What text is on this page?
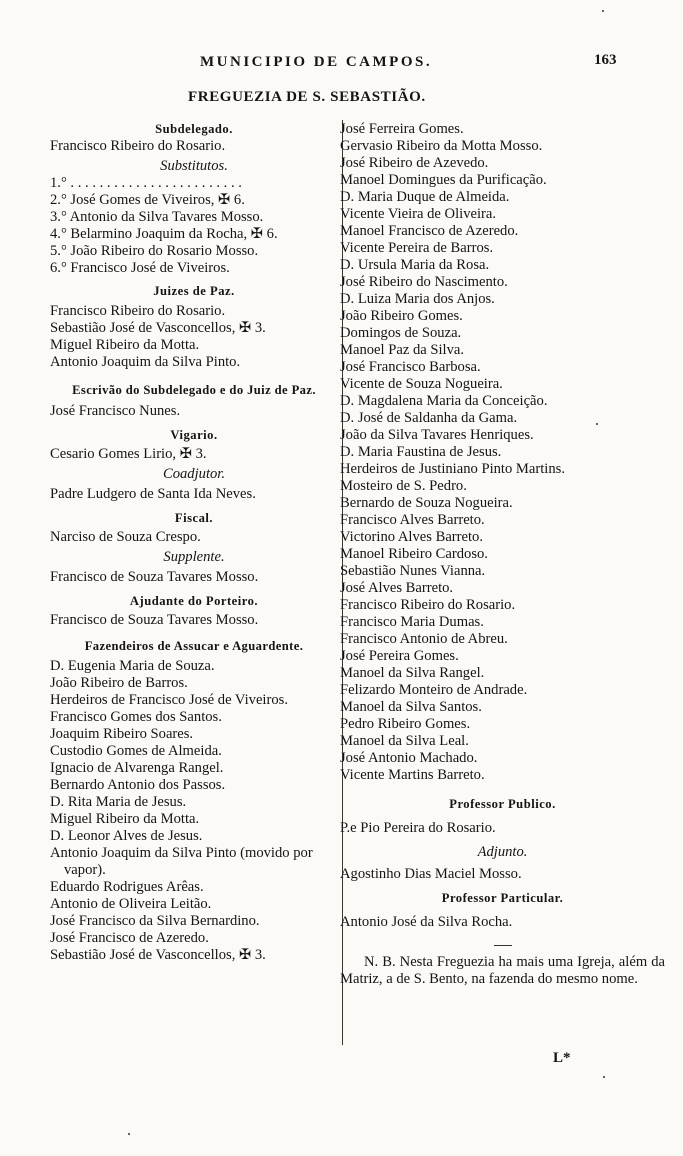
MUNICIPIO DE CAMPOS.	163
FREGUEZIA DE S. SEBASTIÃO.
Subdelegado.
Francisco Ribeiro do Rosario.
Substitutos.
1.° . . . . . . . . . . . . . . . . . . . . . . . .
2.° José Gomes de Viveiros, ✠ 6.
3.° Antonio da Silva Tavares Mosso.
4.° Belarmino Joaquim da Rocha, ✠ 6.
5.° João Ribeiro do Rosario Mosso.
6.° Francisco José de Viveiros.
Juizes de Paz.
Francisco Ribeiro do Rosario.
Sebastião José de Vasconcellos, ✠ 3.
Miguel Ribeiro da Motta.
Antonio Joaquim da Silva Pinto.
Escrivão do Subdelegado e do Juiz de Paz.
José Francisco Nunes.
Vigario.
Cesario Gomes Lirio, ✠ 3.
Coadjutor.
Padre Ludgero de Santa Ida Neves.
Fiscal.
Narciso de Souza Crespo.
Supplente.
Francisco de Souza Tavares Mosso.
Ajudante do Porteiro.
Francisco de Souza Tavares Mosso.
Fazendeiros de Assucar e Aguardente.
D. Eugenia Maria de Souza.
João Ribeiro de Barros.
Herdeiros de Francisco José de Viveiros.
Francisco Gomes dos Santos.
Joaquim Ribeiro Soares.
Custodio Gomes de Almeida.
Ignacio de Alvarenga Rangel.
Bernardo Antonio dos Passos.
D. Rita Maria de Jesus.
Miguel Ribeiro da Motta.
D. Leonor Alves de Jesus.
Antonio Joaquim da Silva Pinto (movido por vapor).
Eduardo Rodrigues Arêas.
Antonio de Oliveira Leitão.
José Francisco da Silva Bernardino.
José Francisco de Azeredo.
Sebastião José de Vasconcellos, ✠ 3.
José Ferreira Gomes.
Gervasio Ribeiro da Motta Mosso.
José Ribeiro de Azevedo.
Manoel Domingues da Purificação.
D. Maria Duque de Almeida.
Vicente Vieira de Oliveira.
Manoel Francisco de Azeredo.
Vicente Pereira de Barros.
D. Ursula Maria da Rosa.
José Ribeiro do Nascimento.
D. Luiza Maria dos Anjos.
João Ribeiro Gomes.
Domingos de Souza.
Manoel Paz da Silva.
José Francisco Barbosa.
Vicente de Souza Nogueira.
D. Magdalena Maria da Conceição.
D. José de Saldanha da Gama.
João da Silva Tavares Henriques.
D. Maria Faustina de Jesus.
Herdeiros de Justiniano Pinto Martins.
Mosteiro de S. Pedro.
Bernardo de Souza Nogueira.
Francisco Alves Barreto.
Victorino Alves Barreto.
Manoel Ribeiro Cardoso.
Sebastião Nunes Vianna.
José Alves Barreto.
Francisco Ribeiro do Rosario.
Francisco Maria Dumas.
Francisco Antonio de Abreu.
José Pereira Gomes.
Manoel da Silva Rangel.
Felizardo Monteiro de Andrade.
Manoel da Silva Santos.
Pedro Ribeiro Gomes.
Manoel da Silva Leal.
José Antonio Machado.
Vicente Martins Barreto.
Professor Publico.
P.e Pio Pereira do Rosario.
Adjunto.
Agostinho Dias Maciel Mosso.
Professor Particular.
Antonio José da Silva Rocha.
N. B. Nesta Freguezia ha mais uma Igreja, além da Matriz, a de S. Bento, na fazenda do mesmo nome.
L*
